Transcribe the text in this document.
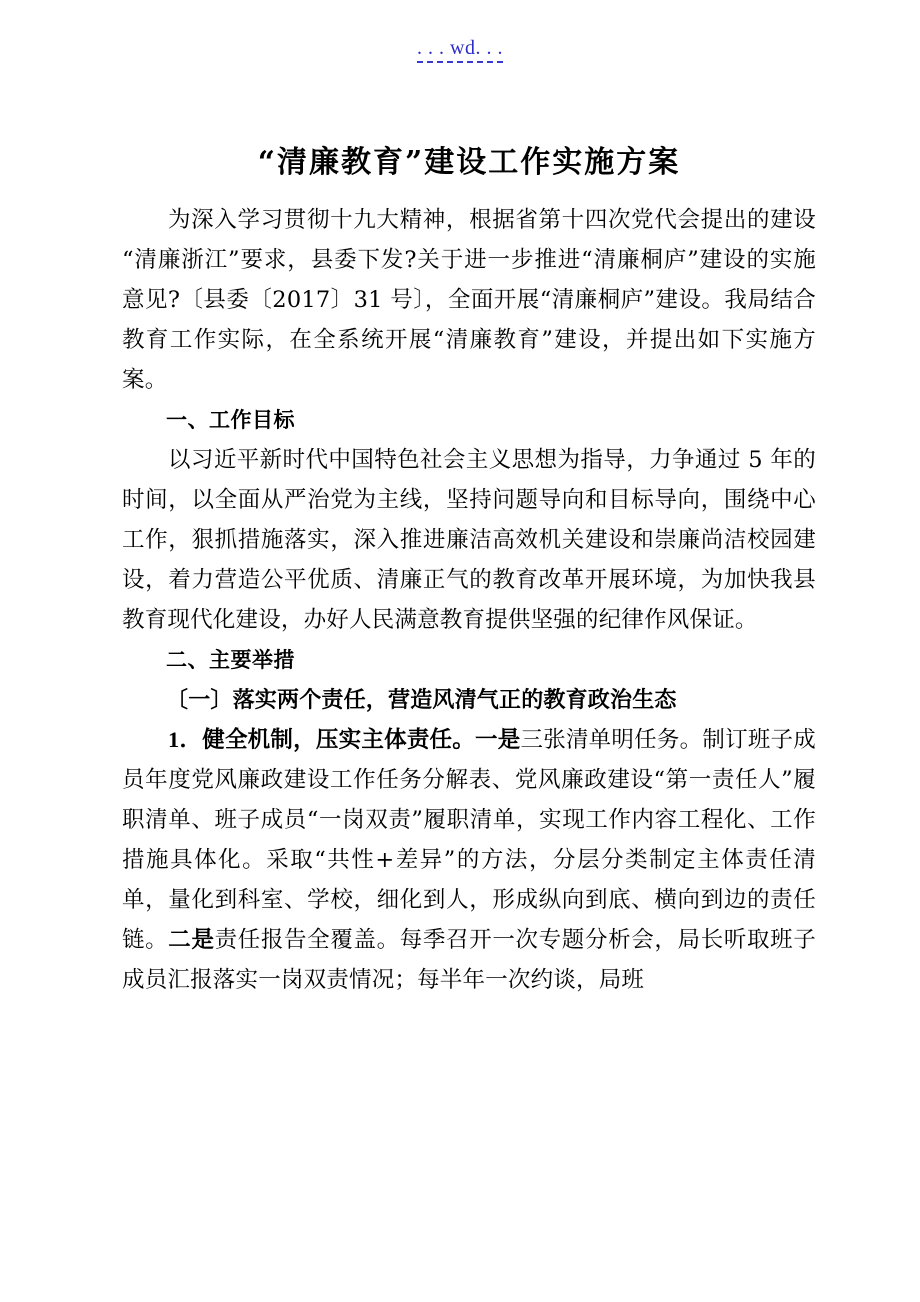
. . . wd. . .
“清廉教育”建设工作实施方案

为深入学习贯彻十九大精神，根据省第十四次党代会提出的建设“清廉浙江”要求，县委下发?关于进一步推进“清廉桐庐”建设的实施意见?〔县委〔2017〕31 号〕，全面开展“清廉桐庐”建设。我局结合教育工作实际，在全系统开展“清廉教育”建设，并提出如下实施方案。

一、工作目标

以习近平新时代中国特色社会主义思想为指导，力争通过 5 年的时间，以全面从严治党为主线，坚持问题导向和目标导向，围绕中心工作，狠抓措施落实，深入推进廉洁高效机关建设和崇廉尚洁校园建设，着力营造公平优质、清廉正气的教育改革开展环境，为加快我县教育现代化建设，办好人民满意教育提供坚强的纪律作风保证。

二、主要举措

〔一〕落实两个责任，营造风清气正的教育政治生态

1．健全机制，压实主体责任。一是三张清单明任务。制订班子成员年度党风廉政建设工作任务分解表、党风廉政建设“第一责任人”履职清单、班子成员“一岗双责”履职清单，实现工作内容工程化、工作措施具体化。采取“共性+差异”的方法，分层分类制定主体责任清单，量化到科室、学校，细化到人，形成纵向到底、横向到边的责任链。二是责任报告全覆盖。每季召开一次专题分析会，局长听取班子成员汇报落实一岗双责情况；每半年一次约谈，局班
